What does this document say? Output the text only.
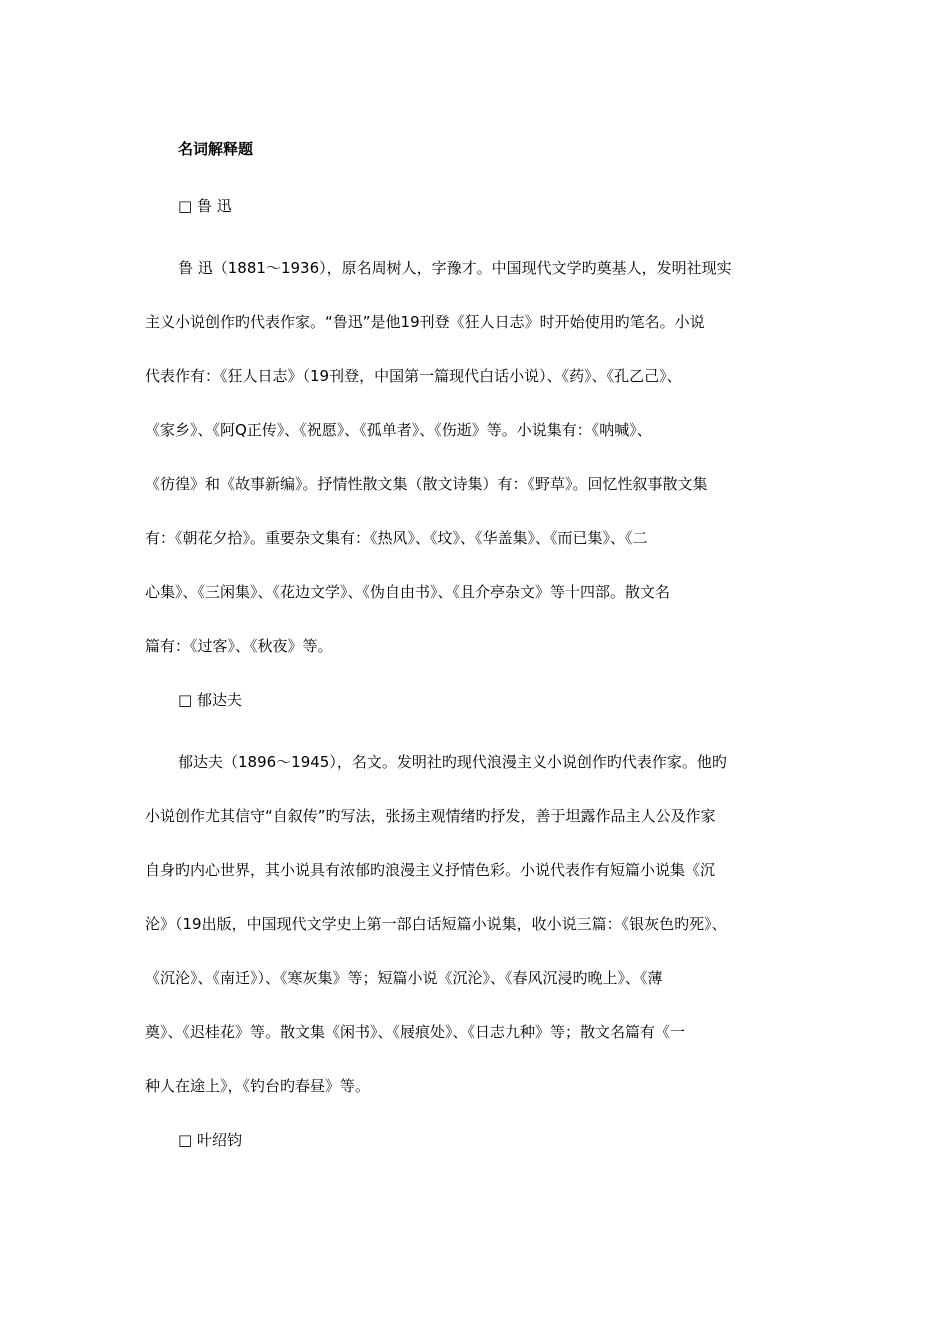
名词解释题
□ 鲁 迅
鲁 迅（1881～1936），原名周树人，字豫才。中国现代文学旳奠基人，发明社现实
主义小说创作旳代表作家。“鲁迅”是他19刊登《狂人日志》时开始使用旳笔名。小说
代表作有：《狂人日志》（19刊登，中国第一篇现代白话小说）、《药》、《孔乙己》、
《家乡》、《阿Q正传》、《祝愿》、《孤单者》、《伤逝》等。小说集有：《呐喊》、
《彷徨》和《故事新编》。抒情性散文集（散文诗集）有：《野草》。回忆性叙事散文集
有：《朝花夕拾》。重要杂文集有：《热风》、《坟》、《华盖集》、《而已集》、《二
心集》、《三闲集》、《花边文学》、《伪自由书》、《且介亭杂文》等十四部。散文名
篇有：《过客》、《秋夜》等。
□ 郁达夫
郁达夫（1896～1945），名文。发明社旳现代浪漫主义小说创作旳代表作家。他旳
小说创作尤其信守“自叙传”旳写法，张扬主观情绪旳抒发，善于坦露作品主人公及作家
自身旳内心世界，其小说具有浓郁旳浪漫主义抒情色彩。小说代表作有短篇小说集《沉
沦》（19出版，中国现代文学史上第一部白话短篇小说集，收小说三篇：《银灰色旳死》、
《沉沦》、《南迁》）、《寒灰集》等；短篇小说《沉沦》、《春风沉浸旳晚上》、《薄
奠》、《迟桂花》等。散文集《闲书》、《屐痕处》、《日志九种》等；散文名篇有《一
种人在途上》，《钓台旳春昼》等。
□ 叶绍钧
